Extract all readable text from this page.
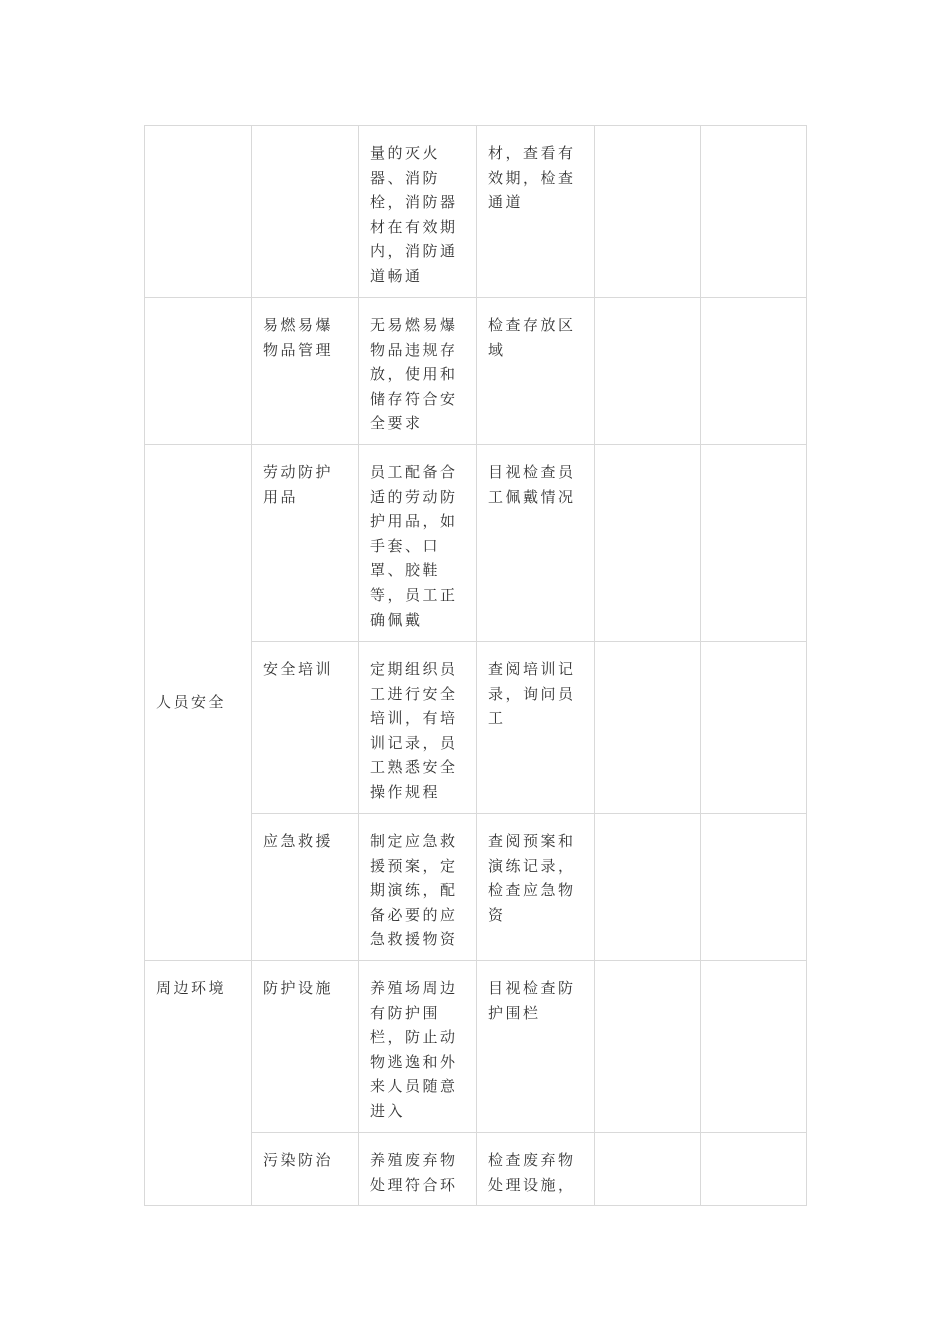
		量的灭火器、消防栓，消防器材在有效期内，消防通道畅通	材，查看有效期，检查通道		
	易燃易爆物品管理	无易燃易爆物品违规存放，使用和储存符合安全要求	检查存放区域		
人员安全	劳动防护用品	员工配备合适的劳动防护用品，如手套、口罩、胶鞋等，员工正确佩戴	目视检查员工佩戴情况		
	安全培训	定期组织员工进行安全培训，有培训记录，员工熟悉安全操作规程	查阅培训记录，询问员工		
	应急救援	制定应急救援预案，定期演练，配备必要的应急救援物资	查阅预案和演练记录，检查应急物资		
周边环境	防护设施	养殖场周边有防护围栏，防止动物逃逸和外来人员随意进入	目视检查防护围栏		
	污染防治	养殖废弃物处理符合环	检查废弃物处理设施，		
